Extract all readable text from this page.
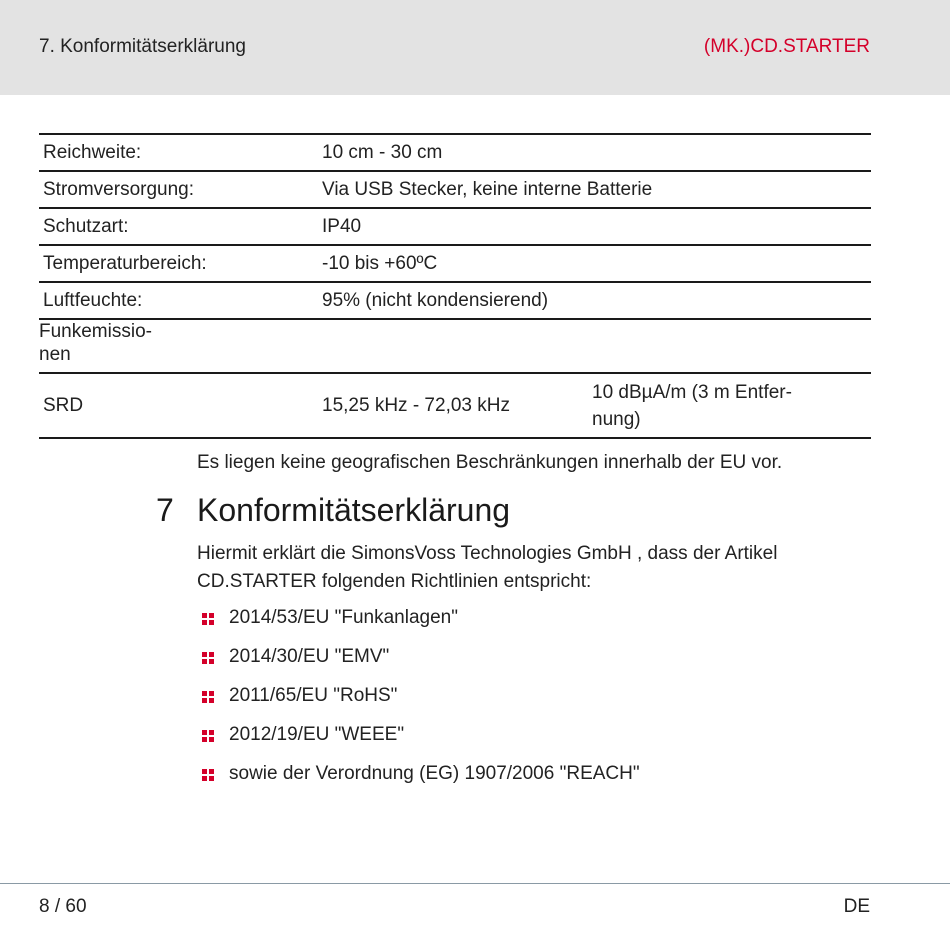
7. Konformitätserklärung	(MK.)CD.STARTER
Reichweite:	10 cm - 30 cm	
Stromversorgung:	Via USB Stecker, keine interne Batterie	
Schutzart:	IP40	
Temperaturbereich:	-10 bis +60ºC	
Luftfeuchte:	95% (nicht kondensierend)	

Funkemissio-
nen		

SRD	15,25 kHz - 72,03 kHz	10 dBµA/m (3 m Entfer-
nung)
Es liegen keine geografischen Beschränkungen innerhalb der EU vor.
7 Konformitätserklärung
Hiermit erklärt die SimonsVoss Technologies GmbH , dass der Artikel
CD.STARTER folgenden Richtlinien entspricht:
2014/53/EU "Funkanlagen"
2014/30/EU "EMV"
2011/65/EU "RoHS"
2012/19/EU "WEEE"
sowie der Verordnung (EG) 1907/2006 "REACH"
8 / 60	DE
